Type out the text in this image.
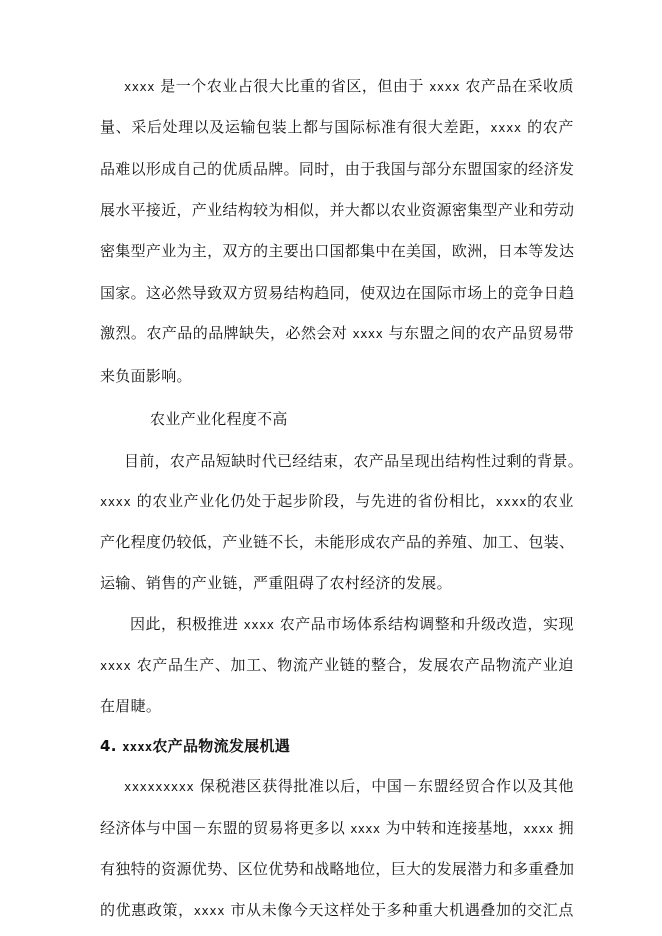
xxxx 是一个农业占很大比重的省区，但由于 xxxx 农产品在采收质
量、采后处理以及运输包装上都与国际标准有很大差距，xxxx 的农产
品难以形成自己的优质品牌。同时，由于我国与部分东盟国家的经济发
展水平接近，产业结构较为相似，并大都以农业资源密集型产业和劳动
密集型产业为主，双方的主要出口国都集中在美国，欧洲，日本等发达
国家。这必然导致双方贸易结构趋同，使双边在国际市场上的竞争日趋
激烈。农产品的品牌缺失，必然会对 xxxx 与东盟之间的农产品贸易带
来负面影响。
农业产业化程度不高
目前，农产品短缺时代已经结束，农产品呈现出结构性过剩的背景。
xxxx 的农业产业化仍处于起步阶段，与先进的省份相比，xxxx的农业
产化程度仍较低，产业链不长，未能形成农产品的养殖、加工、包装、
运输、销售的产业链，严重阻碍了农村经济的发展。
因此，积极推进 xxxx 农产品市场体系结构调整和升级改造，实现
xxxx 农产品生产、加工、物流产业链的整合，发展农产品物流产业迫
在眉睫。
4. xxxx农产品物流发展机遇
xxxxxxxxx 保税港区获得批准以后，中国－东盟经贸合作以及其他
经济体与中国－东盟的贸易将更多以 xxxx 为中转和连接基地，xxxx 拥
有独特的资源优势、区位优势和战略地位，巨大的发展潜力和多重叠加
的优惠政策，xxxx 市从未像今天这样处于多种重大机遇叠加的交汇点
